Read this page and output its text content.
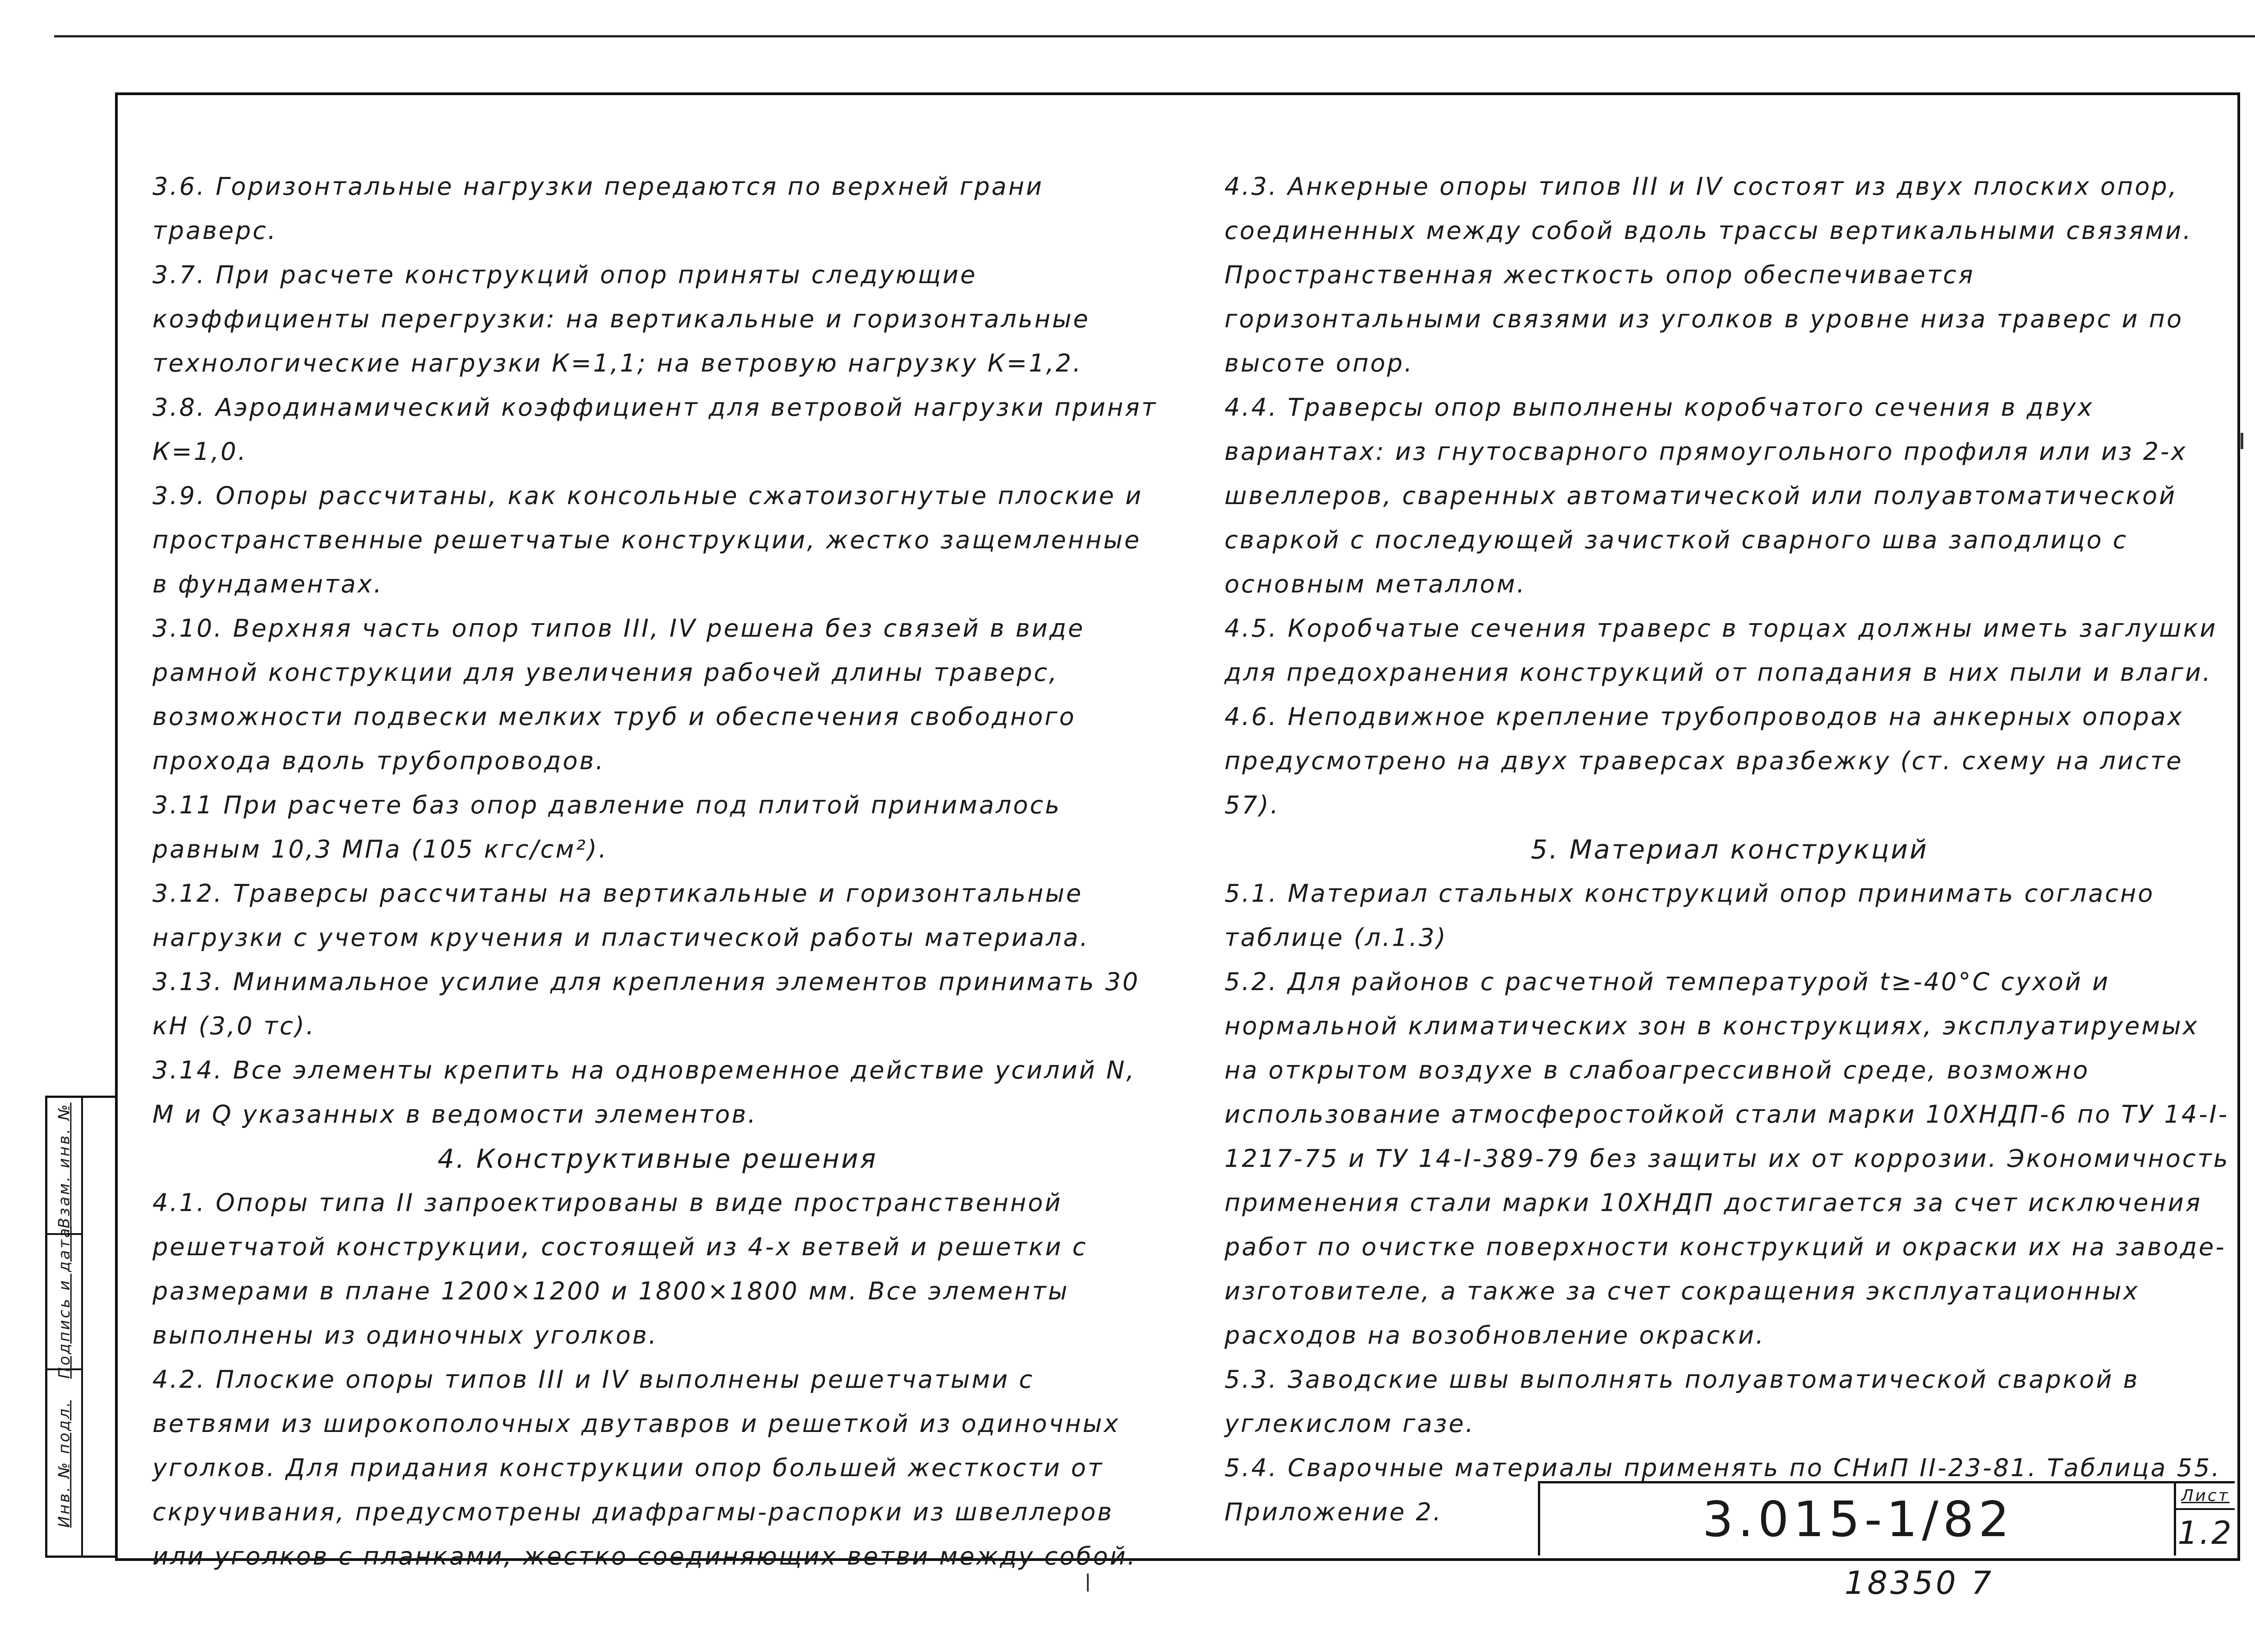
Инв. № подл.
Подпись и дата
Взам. инв. №

3.6. Горизонтальные нагрузки передаются по верхней грани траверс.

3.7. При расчете конструкций опор приняты следующие коэффициенты перегрузки: на вертикальные и горизонтальные технологические нагрузки К=1,1; на ветровую нагрузку К=1,2.

3.8. Аэродинамический коэффициент для ветровой нагрузки принят К=1,0.

3.9. Опоры рассчитаны, как консольные сжатоизогнутые плоские и пространственные решетчатые конструкции, жестко защемленные в фундаментах.

3.10. Верхняя часть опор типов III, IV решена без связей в виде рамной конструкции для увеличения рабочей длины траверс, возможности подвески мелких труб и обеспечения свободного прохода вдоль трубопроводов.

3.11 При расчете баз опор давление под плитой принималось равным 10,3 МПа (105 кгс/см²).

3.12. Траверсы рассчитаны на вертикальные и горизонтальные нагрузки с учетом кручения и пластической работы материала.

3.13. Минимальное усилие для крепления элементов принимать 30 кН (3,0 тс).

3.14. Все элементы крепить на одновременное действие усилий N, M и Q указанных в ведомости элементов.

4. Конструктивные решения

4.1. Опоры типа II запроектированы в виде пространственной решетчатой конструкции, состоящей из 4-х ветвей и решетки с размерами в плане 1200×1200 и 1800×1800 мм. Все элементы выполнены из одиночных уголков.

4.2. Плоские опоры типов III и IV выполнены решетчатыми с ветвями из широкополочных двутавров и решеткой из одиночных уголков. Для придания конструкции опор большей жесткости от скручивания, предусмотрены диафрагмы-распорки из швеллеров или уголков с планками, жестко соединяющих ветви между собой.

4.3. Анкерные опоры типов III и IV состоят из двух плоских опор, соединенных между собой вдоль трассы вертикальными связями. Пространственная жесткость опор обеспечивается горизонтальными связями из уголков в уровне низа траверс и по высоте опор.

4.4. Траверсы опор выполнены коробчатого сечения в двух вариантах: из гнутосварного прямоугольного профиля или из 2-х швеллеров, сваренных автоматической или полуавтоматической сваркой с последующей зачисткой сварного шва заподлицо с основным металлом.

4.5. Коробчатые сечения траверс в торцах должны иметь заглушки для предохранения конструкций от попадания в них пыли и влаги.

4.6. Неподвижное крепление трубопроводов на анкерных опорах предусмотрено на двух траверсах вразбежку (ст. схему на листе 57).

5. Материал конструкций

5.1. Материал стальных конструкций опор принимать согласно таблице (л.1.3)

5.2. Для районов с расчетной температурой t≥-40°С сухой и нормальной климатических зон в конструкциях, эксплуатируемых на открытом воздухе в слабоагрессивной среде, возможно использование атмосферостойкой стали марки 10ХНДП-6 по ТУ 14-I-1217-75 и ТУ 14-I-389-79 без защиты их от коррозии. Экономичность применения стали марки 10ХНДП достигается за счет исключения работ по очистке поверхности конструкций и окраски их на заводе-изготовителе, а также за счет сокращения эксплуатационных расходов на возобновление окраски.

5.3. Заводские швы выполнять полуавтоматической сваркой в углекислом газе.

5.4. Сварочные материалы применять по СНиП II-23-81. Таблица 55. Приложение 2.	3.015-1/82	Лист
1.2
18350 7
